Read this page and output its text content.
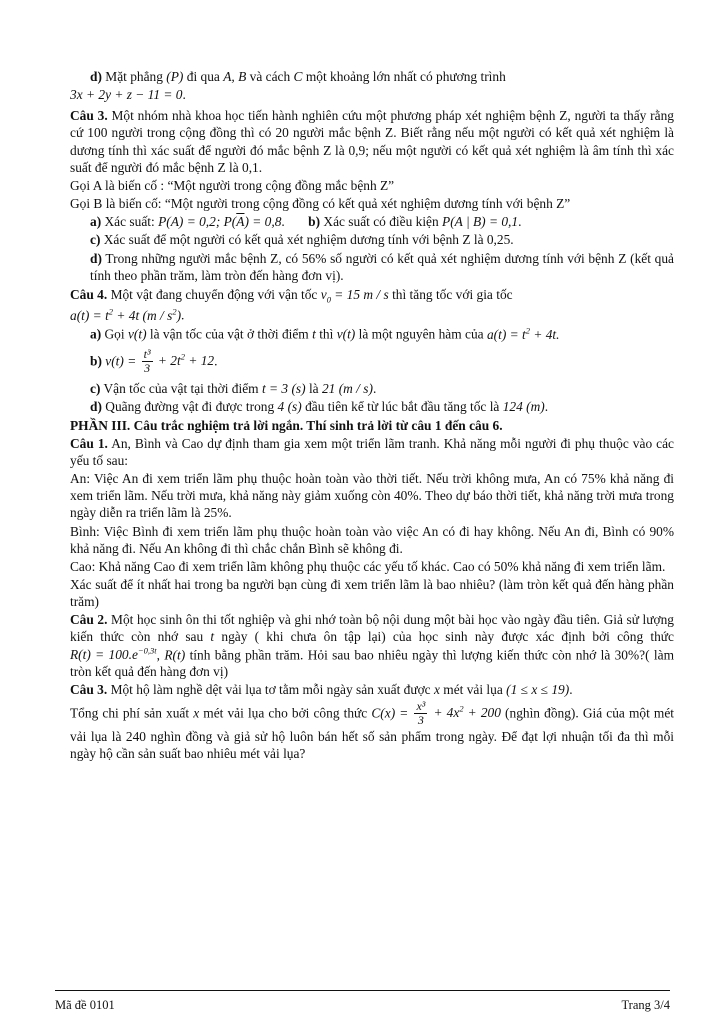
d) Mặt phẳng (P) đi qua A, B và cách C một khoảng lớn nhất có phương trình

3x + 2y + z − 11 = 0.

Câu 3. Một nhóm nhà khoa học tiến hành nghiên cứu một phương pháp xét nghiệm bệnh Z, người ta thấy rằng cứ 100 người trong cộng đồng thì có 20 người mắc bệnh Z. Biết rằng nếu một người có kết quả xét nghiệm là dương tính thì xác suất để người đó mắc bệnh Z là 0,9; nếu một người có kết quả xét nghiệm là âm tính thì xác suất để người đó mắc bệnh Z là 0,1.

Gọi A là biến cố : “Một người trong cộng đồng mắc bệnh Z”

Gọi B là biến cố: “Một người trong cộng đồng có kết quả xét nghiệm dương tính với bệnh Z”

a) Xác suất: P(A) = 0,2; $P(\overline{A}) = 0,8$.

b) Xác suất có điều kiện P(A | B) = 0,1.

c) Xác suất để một người có kết quả xét nghiệm dương tính với bệnh Z là 0,25.

d) Trong những người mắc bệnh Z, có 56% số người có kết quả xét nghiệm dương tính với bệnh Z (kết quả tính theo phần trăm, làm tròn đến hàng đơn vị).

Câu 4. Một vật đang chuyển động với vận tốc $v_0 = 15$ m / s thì tăng tốc với gia tốc

$a(t) = t^2 + 4t$ $(m / s^2)$.

a) Gọi v(t) là vận tốc của vật ở thời điểm t thì v(t) là một nguyên hàm của $a(t) = t^2 + 4t$.

b) $v(t) = \frac{\text{t³}}{3} + 2t^2 + 12$.

c) Vận tốc của vật tại thời điểm t = 3 (s) là 21 (m / s).

d) Quãng đường vật đi được trong 4 (s) đầu tiên kể từ lúc bắt đầu tăng tốc là 124 (m).

PHẦN III. Câu trắc nghiệm trả lời ngắn. Thí sinh trả lời từ câu 1 đến câu 6.

Câu 1. An, Bình và Cao dự định tham gia xem một triển lãm tranh. Khả năng mỗi người đi phụ thuộc vào các yếu tố sau:

An: Việc An đi xem triển lãm phụ thuộc hoàn toàn vào thời tiết. Nếu trời không mưa, An có 75% khả năng đi xem triển lãm. Nếu trời mưa, khả năng này giảm xuống còn 40%. Theo dự báo thời tiết, khả năng trời mưa trong ngày diễn ra triển lãm là 25%.

Bình: Việc Bình đi xem triển lãm phụ thuộc hoàn toàn vào việc An có đi hay không. Nếu An đi, Bình có 90% khả năng đi. Nếu An không đi thì chắc chắn Bình sẽ không đi.

Cao: Khả năng Cao đi xem triển lãm không phụ thuộc các yếu tố khác. Cao có 50% khả năng đi xem triển lãm.

Xác suất để ít nhất hai trong ba người bạn cùng đi xem triển lãm là bao nhiêu? (làm tròn kết quả đến hàng phần trăm)

Câu 2. Một học sinh ôn thi tốt nghiệp và ghi nhớ toàn bộ nội dung một bài học vào ngày đầu tiên. Giả sử lượng kiến thức còn nhớ sau t ngày ( khi chưa ôn tập lại) của học sinh này được xác định bởi công thức $R(t) = 100.e^{-0,3t}$, R(t) tính bằng phần trăm. Hỏi sau bao nhiêu ngày thì lượng kiến thức còn nhớ là 30%?( làm tròn kết quả đến hàng đơn vị)

Câu 3. Một hộ làm nghề dệt vải lụa tơ tằm mỗi ngày sản xuất được x mét vải lụa (1 ≤ x ≤ 19).

Tổng chi phí sản xuất x mét vải lụa cho bởi công thức $C(x) = \frac{\text{x³}}{3} + 4x^2 + 200$ (nghìn đồng). Giá của một mét vải lụa là 240 nghìn đồng và giả sử hộ luôn bán hết số sản phẩm trong ngày. Để đạt lợi nhuận tối đa thì mỗi ngày hộ cần sản suất bao nhiêu mét vải lụa?

Mã đề 0101	Trang 3/4
